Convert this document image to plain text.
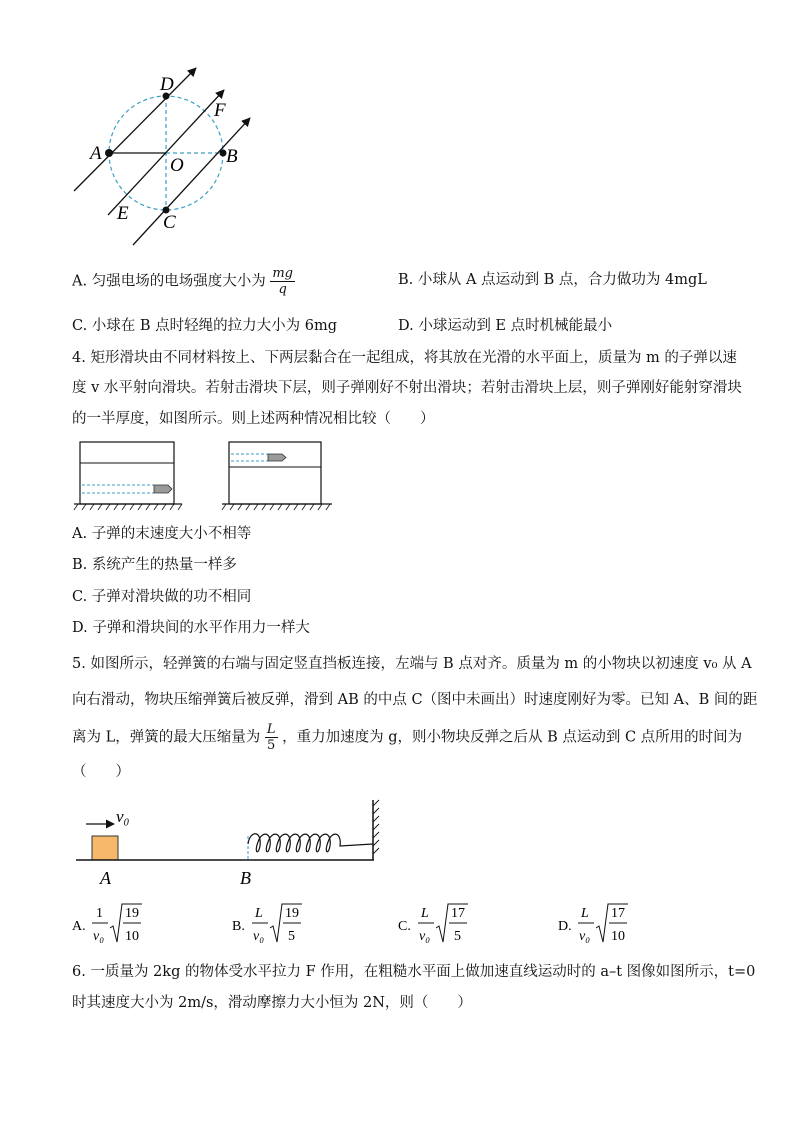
D
F
A
O B
E C
A. 匀强电场的电场强度大小为 $\frac{mg}{q}$	B. 小球从 A 点运动到 B 点，合力做功为 4mgL
C. 小球在 B 点时轻绳的拉力大小为 6mg	D. 小球运动到 E 点时机械能最小
4. 矩形滑块由不同材料按上、下两层黏合在一起组成，将其放在光滑的水平面上，质量为 m 的子弹以速
度 v 水平射向滑块。若射击滑块下层，则子弹刚好不射出滑块；若射击滑块上层，则子弹刚好能射穿滑块
的一半厚度，如图所示。则上述两种情况相比较（　　）
A. 子弹的末速度大小不相等
B. 系统产生的热量一样多
C. 子弹对滑块做的功不相同
D. 子弹和滑块间的水平作用力一样大
5. 如图所示，轻弹簧的右端与固定竖直挡板连接，左端与 B 点对齐。质量为 m 的小物块以初速度 v₀ 从 A
向右滑动，物块压缩弹簧后被反弹，滑到 AB 的中点 C（图中未画出）时速度刚好为零。已知 A、B 间的距
离为 L，弹簧的最大压缩量为 $\frac{L}{5}$ ，重力加速度为 g，则小物块反弹之后从 B 点运动到 C 点所用的时间为
（　　）
v₀
A	B
A.
1
v₀
19
10
B.
L
v₀
19
5
C.
L
v₀
17
5
D.
L
v₀
17
10
6. 一质量为 2kg 的物体受水平拉力 F 作用，在粗糙水平面上做加速直线运动时的 a–t 图像如图所示，t=0
时其速度大小为 2m/s，滑动摩擦力大小恒为 2N，则（　　）
